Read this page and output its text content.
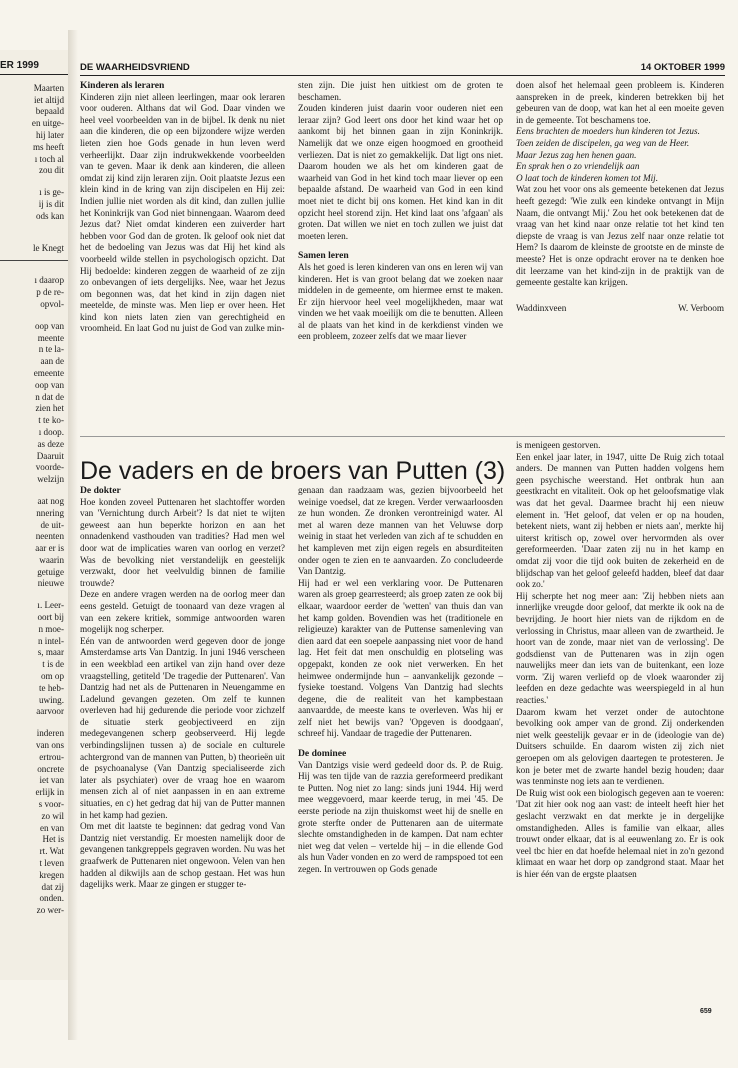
ER 1999
Maarten
iet altijd
bepaald
en uitge-
hij later
ms heeft
ı toch al
zou dit
ı is ge-
ij is dit
ods kan
le Knegt
ı daarop
p de re-
opvol-
oop van
meente
n te la-
aan de
emeente
oop van
n dat de
zien het
t te ko-
ı doop.
as deze
Daaruit
voorde-
welzijn
aat nog
nnering
de uit-
neenten
aar er is
waarin
getuige
nieuwe
ı. Leer-
oort bij
n moe-
n intel-
s, maar
t is de
om op
te heb-
uwing.
aarvoor
inderen
van ons
ertrou-
oncrete
iet van
erlijk in
s voor-
zo wil
en van
Het is
rt. Wat
t leven
kregen
dat zij
onden.
zo wer-
DE WAARHEIDSVRIEND	14 OKTOBER 1999
Kinderen als leraren

Kinderen zijn niet alleen leerlingen, maar ook leraren voor ouderen. Althans dat wil God. Daar vinden we heel veel voorbeelden van in de bijbel. Ik denk nu niet aan die kinderen, die op een bijzondere wijze werden lieten zien hoe Gods genade in hun leven werd verheerlijkt. Daar zijn indrukwekkende voorbeelden van te geven. Maar ik denk aan kinderen, die alleen omdat zij kind zijn leraren zijn. Ooit plaatste Jezus een klein kind in de kring van zijn discipelen en Hij zei: Indien jullie niet worden als dit kind, dan zullen jullie het Koninkrijk van God niet binnengaan. Waarom deed Jezus dat? Niet omdat kinderen een zuiverder hart hebben voor God dan de groten. Ik geloof ook niet dat het de bedoeling van Jezus was dat Hij het kind als voorbeeld wilde stellen in psychologisch opzicht. Dat Hij bedoelde: kinderen zeggen de waarheid of ze zijn zo onbevangen of iets dergelijks. Nee, waar het Jezus om begonnen was, dat het kind in zijn dagen niet meetelde, de minste was. Men liep er over heen. Het kind kon niets laten zien van gerechtigheid en vroomheid. En laat God nu juist de God van zulke min-

sten zijn. Die juist hen uitkiest om de groten te beschamen.

Zouden kinderen juist daarin voor ouderen niet een leraar zijn? God leert ons door het kind waar het op aankomt bij het binnen gaan in zijn Koninkrijk. Namelijk dat we onze eigen hoogmoed en grootheid verliezen. Dat is niet zo gemakkelijk. Dat ligt ons niet. Daarom houden we als het om kinderen gaat de waarheid van God in het kind toch maar liever op een bepaalde afstand. De waarheid van God in een kind moet niet te dicht bij ons komen. Het kind kan in dit opzicht heel storend zijn. Het kind laat ons 'afgaan' als groten. Dat willen we niet en toch zullen we juist dat moeten leren.

Samen leren

Als het goed is leren kinderen van ons en leren wij van kinderen. Het is van groot belang dat we zoeken naar middelen in de gemeente, om hiermee ernst te maken. Er zijn hiervoor heel veel mogelijkheden, maar wat vinden we het vaak moeilijk om die te benutten. Alleen al de plaats van het kind in de kerkdienst vinden we een probleem, zozeer zelfs dat we maar liever

doen alsof het helemaal geen probleem is. Kinderen aanspreken in de preek, kinderen betrekken bij het gebeuren van de doop, wat kan het al een moeite geven in de gemeente. Tot beschamens toe.

Eens brachten de moeders hun kinderen tot Jezus.

Toen zeiden de discipelen, ga weg van de Heer.

Maar Jezus zag hen henen gaan.

En sprak hen o zo vriendelijk aan

O laat toch de kinderen komen tot Mij.

Wat zou het voor ons als gemeente betekenen dat Jezus heeft gezegd: 'Wie zulk een kindeke ontvangt in Mijn Naam, die ontvangt Mij.' Zou het ook betekenen dat de vraag van het kind naar onze relatie tot het kind ten diepste de vraag is van Jezus zelf naar onze relatie tot Hem? Is daarom de kleinste de grootste en de minste de meeste? Het is onze opdracht erover na te denken hoe dit leerzame van het kind-zijn in de praktijk van de gemeente gestalte kan krijgen.

Waddinxveen	W. Verboom
De vaders en de broers van Putten (3)
De dokter

Hoe konden zoveel Puttenaren het slachtoffer worden van 'Vernichtung durch Arbeit'? Is dat niet te wijten geweest aan hun beperkte horizon en aan het onnadenkend vasthouden van tradities? Had men wel door wat de implicaties waren van oorlog en verzet? Was de bevolking niet verstandelijk en geestelijk verzwakt, door het veelvuldig binnen de familie trouwde?

Deze en andere vragen werden na de oorlog meer dan eens gesteld. Getuigt de toonaard van deze vragen al van een zekere kritiek, sommige antwoorden waren mogelijk nog scherper.

Eén van de antwoorden werd gegeven door de jonge Amsterdamse arts Van Dantzig. In juni 1946 verscheen in een weekblad een artikel van zijn hand over deze vraagstelling, getiteld 'De tragedie der Puttenaren'. Van Dantzig had net als de Puttenaren in Neuengamme en Ladelund gevangen gezeten. Om zelf te kunnen overleven had hij gedurende die periode voor zichzelf de situatie sterk geobjectiveerd en zijn medegevangenen scherp geobserveerd. Hij legde verbindingslijnen tussen a) de sociale en culturele achtergrond van de mannen van Putten, b) theorieën uit de psychoanalyse (Van Dantzig specialiseerde zich later als psychiater) over de vraag hoe en waarom mensen zich al of niet aanpassen in en aan extreme situaties, en c) het gedrag dat hij van de Putter mannen in het kamp had gezien.

Om met dit laatste te beginnen: dat gedrag vond Van Dantzig niet verstandig. Er moesten namelijk door de gevangenen tankgreppels gegraven worden. Nu was het graafwerk de Puttenaren niet ongewoon. Velen van hen hadden al dikwijls aan de schop gestaan. Het was hun dagelijks werk. Maar ze gingen er stugger te-

genaan dan raadzaam was, gezien bijvoorbeeld het weinige voedsel, dat ze kregen. Verder verwaarloosden ze hun wonden. Ze dronken verontreinigd water. Al met al waren deze mannen van het Veluwse dorp weinig in staat het verleden van zich af te schudden en het kampleven met zijn eigen regels en absurditeiten onder ogen te zien en te aanvaarden. Zo concludeerde Van Dantzig.

Hij had er wel een verklaring voor. De Puttenaren waren als groep gearresteerd; als groep zaten ze ook bij elkaar, waardoor eerder de 'wetten' van thuis dan van het kamp golden. Bovendien was het (traditionele en religieuze) karakter van de Puttense samenleving van dien aard dat een soepele aanpassing niet voor de hand lag. Het feit dat men onschuldig en plotseling was opgepakt, konden ze ook niet verwerken. En het heimwee ondermijnde hun – aanvankelijk gezonde – fysieke toestand. Volgens Van Dantzig had slechts degene, die de realiteit van het kampbestaan aanvaardde, de meeste kans te overleven. Was hij er zelf niet het bewijs van? 'Opgeven is doodgaan', schreef hij. Vandaar de tragedie der Puttenaren.

De dominee

Van Dantzigs visie werd gedeeld door ds. P. de Ruig. Hij was ten tijde van de razzia gereformeerd predikant te Putten. Nog niet zo lang: sinds juni 1944. Hij werd mee weggevoerd, maar keerde terug, in mei '45. De eerste periode na zijn thuiskomst weet hij de snelle en grote sterfte onder de Puttenaren aan de uitermate slechte omstandigheden in de kampen. Dat nam echter niet weg dat velen – vertelde hij – in die ellende God als hun Vader vonden en zo werd de rampspoed tot een zegen. In vertrouwen op Gods genade

is menigeen gestorven.

Een enkel jaar later, in 1947, uitte De Ruig zich totaal anders. De mannen van Putten hadden volgens hem geen psychische weerstand. Het ontbrak hun aan geestkracht en vitaliteit. Ook op het geloofsmatige vlak was dat het geval. Daarmee bracht hij een nieuw element in. 'Het geloof, dat velen er op na houden, betekent niets, want zij hebben er niets aan', merkte hij uiterst kritisch op, zowel over hervormden als over gereformeerden. 'Daar zaten zij nu in het kamp en omdat zij voor die tijd ook buiten de zekerheid en de blijdschap van het geloof geleefd hadden, bleef dat daar ook zo.'

Hij scherpte het nog meer aan: 'Zij hebben niets aan innerlijke vreugde door geloof, dat merkte ik ook na de bevrijding. Je hoort hier niets van de rijkdom en de verlossing in Christus, maar alleen van de zwartheid. Je hoort van de zonde, maar niet van de verlossing'. De godsdienst van de Puttenaren was in zijn ogen nauwelijks meer dan iets van de buitenkant, een loze vorm. 'Zij waren verliefd op de vloek waaronder zij leefden en deze gedachte was weerspiegeld in al hun reacties.'

Daarom kwam het verzet onder de autochtone bevolking ook amper van de grond. Zij onderkenden niet welk geestelijk gevaar er in de (ideologie van de) Duitsers schuilde. En daarom wisten zij zich niet geroepen om als gelovigen daartegen te protesteren. Je kon je beter met de zwarte handel bezig houden; daar was tenminste nog iets aan te verdienen.

De Ruig wist ook een biologisch gegeven aan te voeren: 'Dat zit hier ook nog aan vast: de inteelt heeft hier het geslacht verzwakt en dat merkte je in dergelijke omstandigheden. Alles is familie van elkaar, alles trouwt onder elkaar, dat is al eeuwenlang zo. Er is ook veel tbc hier en dat hoefde helemaal niet in zo'n gezond klimaat en waar het dorp op zandgrond staat. Maar het is hier één van de ergste plaatsen

659
